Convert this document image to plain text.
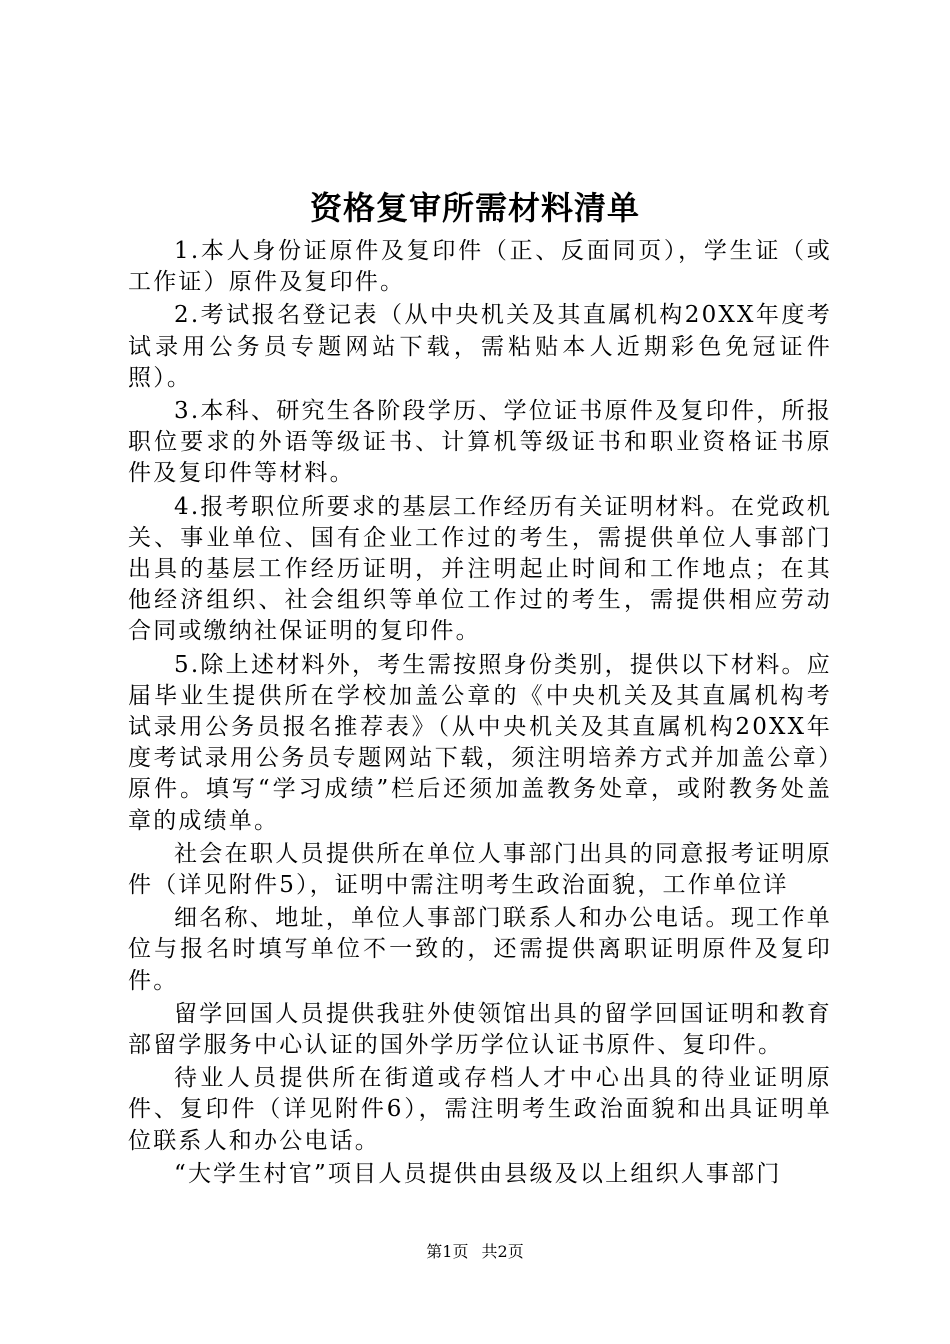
资格复审所需材料清单

1.本人身份证原件及复印件（正、反面同页），学生证（或工作证）原件及复印件。

2.考试报名登记表（从中央机关及其直属机构20XX年度考试录用公务员专题网站下载，需粘贴本人近期彩色免冠证件照）。

3.本科、研究生各阶段学历、学位证书原件及复印件，所报职位要求的外语等级证书、计算机等级证书和职业资格证书原件及复印件等材料。

4.报考职位所要求的基层工作经历有关证明材料。在党政机关、事业单位、国有企业工作过的考生，需提供单位人事部门出具的基层工作经历证明，并注明起止时间和工作地点；在其他经济组织、社会组织等单位工作过的考生，需提供相应劳动合同或缴纳社保证明的复印件。

5.除上述材料外，考生需按照身份类别，提供以下材料。应届毕业生提供所在学校加盖公章的《中央机关及其直属机构考试录用公务员报名推荐表》（从中央机关及其直属机构20XX年度考试录用公务员专题网站下载，须注明培养方式并加盖公章）原件。填写“学习成绩”栏后还须加盖教务处章，或附教务处盖章的成绩单。

社会在职人员提供所在单位人事部门出具的同意报考证明原件（详见附件5），证明中需注明考生政治面貌，工作单位详

细名称、地址，单位人事部门联系人和办公电话。现工作单位与报名时填写单位不一致的，还需提供离职证明原件及复印件。

留学回国人员提供我驻外使领馆出具的留学回国证明和教育部留学服务中心认证的国外学历学位认证书原件、复印件。

待业人员提供所在街道或存档人才中心出具的待业证明原件、复印件（详见附件6），需注明考生政治面貌和出具证明单位联系人和办公电话。

“大学生村官”项目人员提供由县级及以上组织人事部门

第1页 共2页
